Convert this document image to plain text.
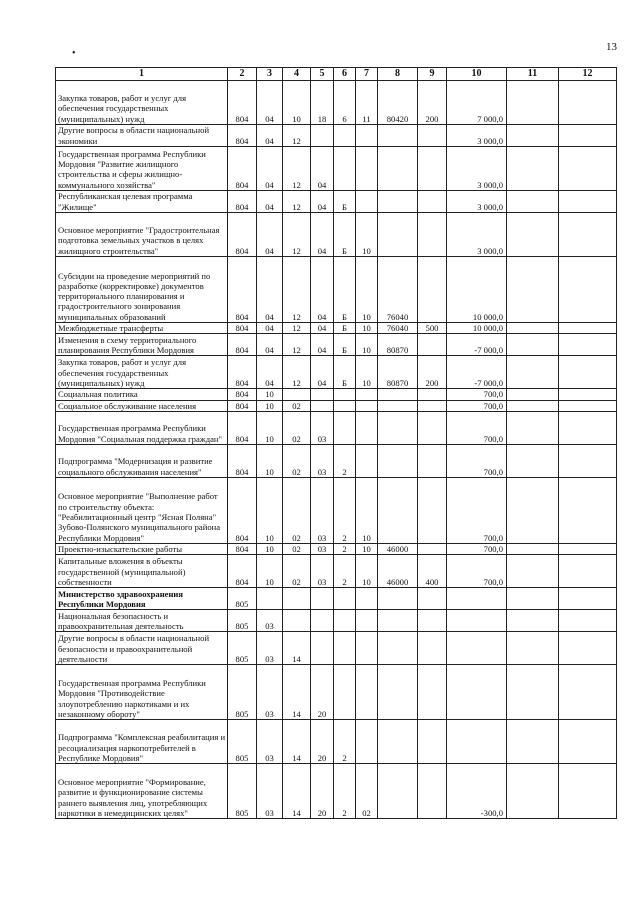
13
•
1	2	3	4	5	6	7	8	9	10	11	12
Закупка товаров, работ и услуг для обеспечения государственных (муниципальных) нужд	804	04	10	18	6	11	80420	200	7 000,0		
Другие вопросы в области национальной экономики	804	04	12						3 000,0		
Государственная программа Республики Мордовия "Развитие жилищного строительства и сферы жилищно-коммунального хозяйства"	804	04	12	04					3 000,0		
Республиканская целевая программа "Жилище"	804	04	12	04	Б				3 000,0		
Основное мероприятие "Градостроительная подготовка земельных участков в целях жилищного строительства"	804	04	12	04	Б	10			3 000,0		
Субсидии на проведение мероприятий по разработке (корректировке) документов территориального планирования и градостроительного зонирования муниципальных образований	804	04	12	04	Б	10	76040		10 000,0		
Межбюджетные трансферты	804	04	12	04	Б	10	76040	500	10 000,0		
Изменения в схему территориального планирования Республики Мордовия	804	04	12	04	Б	10	80870		-7 000,0		
Закупка товаров, работ и услуг для обеспечения государственных (муниципальных) нужд	804	04	12	04	Б	10	80870	200	-7 000,0		
Социальная политика	804	10							700,0		
Социальное обслуживание населения	804	10	02						700,0		
Государственная программа Республики Мордовия "Социальная поддержка граждан"	804	10	02	03					700,0		
Подпрограмма "Модернизация и развитие социального обслуживания населения"	804	10	02	03	2				700,0		
Основное мероприятие "Выполнение работ по строительству объекта: "Реабилитационный центр "Ясная Поляна" Зубово-Полянского муниципального района Республики Мордовия"	804	10	02	03	2	10			700,0		
Проектно-изыскательские работы	804	10	02	03	2	10	46000		700,0		
Капитальные вложения в объекты государственной (муниципальной) собственности	804	10	02	03	2	10	46000	400	700,0		
Министерство здравоохранения Республики Мордовия	805										
Национальная безопасность и правоохранительная деятельность	805	03									
Другие вопросы в области национальной безопасности и правоохранительной деятельности	805	03	14								
Государственная программа Республики Мордовия "Противодействие злоупотреблению наркотиками и их незаконному обороту"	805	03	14	20							
Подпрограмма "Комплексная реабилитация и ресоциализация наркопотребителей в Республике Мордовия"	805	03	14	20	2						
Основное мероприятие "Формирование, развитие и функционирование системы раннего выявления лиц, употребляющих наркотики в немедицинских целях"	805	03	14	20	2	02			-300,0		
